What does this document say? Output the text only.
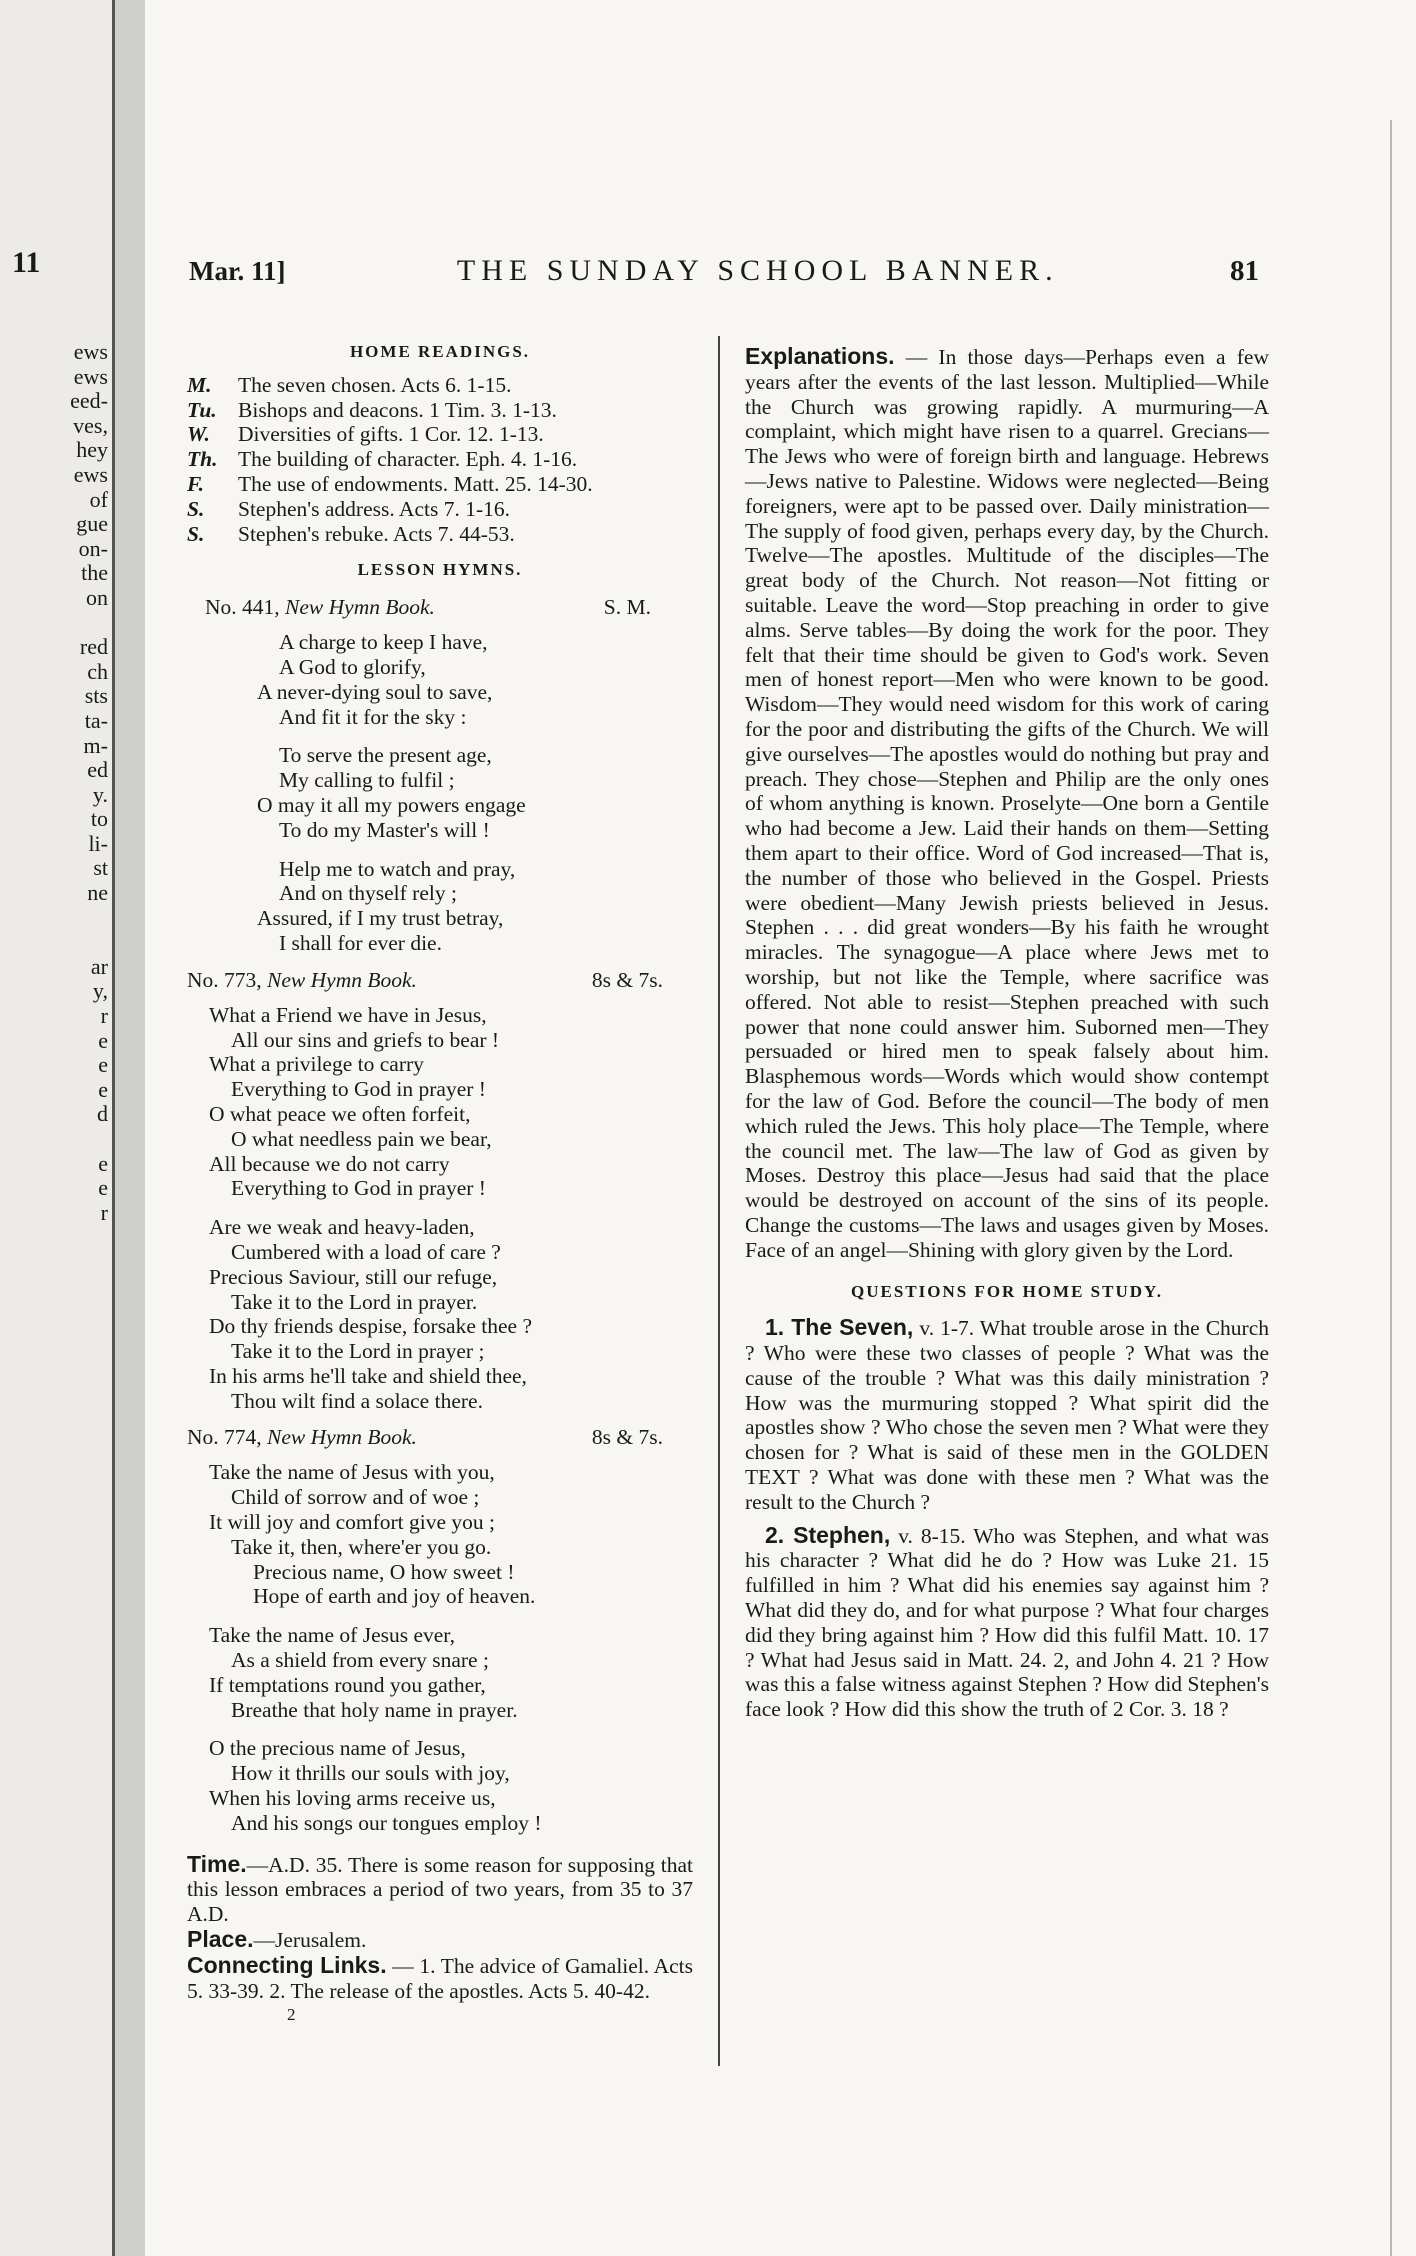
11
ews
ews
eed-
ves,
hey
ews
of
gue
on-
the
on
red
ch
sts
ta-
m-
ed
y.
to
li-
st
ne
ar
y,
r
e
e
e
d
e
e
r
Mar. 11]	THE SUNDAY SCHOOL BANNER.	81
HOME READINGS.
M.	The seven chosen. Acts 6. 1-15.
Tu. Bishops and deacons. 1 Tim. 3. 1-13.
W.	Diversities of gifts. 1 Cor. 12. 1-13.
Th. The building of character. Eph. 4. 1-16.
F.	The use of endowments. Matt. 25. 14-30.
S.	Stephen's address. Acts 7. 1-16.
S.	Stephen's rebuke. Acts 7. 44-53.
LESSON HYMNS.
No. 441, New Hymn Book.	S. M.
A charge to keep I have,
A God to glorify,
A never-dying soul to save,
And fit it for the sky :
To serve the present age,
My calling to fulfil ;
O may it all my powers engage
To do my Master's will !
Help me to watch and pray,
And on thyself rely ;
Assured, if I my trust betray,
I shall for ever die.
No. 773, New Hymn Book.	8s & 7s.
What a Friend we have in Jesus,
All our sins and griefs to bear !
What a privilege to carry
Everything to God in prayer !
O what peace we often forfeit,
O what needless pain we bear,
All because we do not carry
Everything to God in prayer !
Are we weak and heavy-laden,
Cumbered with a load of care ?
Precious Saviour, still our refuge,
Take it to the Lord in prayer.
Do thy friends despise, forsake thee ?
Take it to the Lord in prayer ;
In his arms he'll take and shield thee,
Thou wilt find a solace there.
No. 774, New Hymn Book.	8s & 7s.
Take the name of Jesus with you,
Child of sorrow and of woe ;
It will joy and comfort give you ;
Take it, then, where'er you go.
Precious name, O how sweet !
Hope of earth and joy of heaven.
Take the name of Jesus ever,
As a shield from every snare ;
If temptations round you gather,
Breathe that holy name in prayer.
O the precious name of Jesus,
How it thrills our souls with joy,
When his loving arms receive us,
And his songs our tongues employ !
Time.—A.D. 35. There is some reason for supposing that this lesson embraces a period of two years, from 35 to 37 A.D.
Place.—Jerusalem.
Connecting Links. — 1. The advice of Gamaliel. Acts 5. 33-39. 2. The release of the apostles. Acts 5. 40-42.
2
Explanations. — In those days—Perhaps even a few years after the events of the last lesson. Multiplied—While the Church was growing rapidly. A murmuring—A complaint, which might have risen to a quarrel. Grecians—The Jews who were of foreign birth and language. Hebrews—Jews native to Palestine. Widows were neglected—Being foreigners, were apt to be passed over. Daily ministration—The supply of food given, perhaps every day, by the Church. Twelve—The apostles. Multitude of the disciples—The great body of the Church. Not reason—Not fitting or suitable. Leave the word—Stop preaching in order to give alms. Serve tables—By doing the work for the poor. They felt that their time should be given to God's work. Seven men of honest report—Men who were known to be good. Wisdom—They would need wisdom for this work of caring for the poor and distributing the gifts of the Church. We will give ourselves—The apostles would do nothing but pray and preach. They chose—Stephen and Philip are the only ones of whom anything is known. Proselyte—One born a Gentile who had become a Jew. Laid their hands on them—Setting them apart to their office. Word of God increased—That is, the number of those who believed in the Gospel. Priests were obedient—Many Jewish priests believed in Jesus. Stephen . . . did great wonders—By his faith he wrought miracles. The synagogue—A place where Jews met to worship, but not like the Temple, where sacrifice was offered. Not able to resist—Stephen preached with such power that none could answer him. Suborned men—They persuaded or hired men to speak falsely about him. Blasphemous words—Words which would show contempt for the law of God. Before the council—The body of men which ruled the Jews. This holy place—The Temple, where the council met. The law—The law of God as given by Moses. Destroy this place—Jesus had said that the place would be destroyed on account of the sins of its people. Change the customs—The laws and usages given by Moses. Face of an angel—Shining with glory given by the Lord.
QUESTIONS FOR HOME STUDY.
1. The Seven, v. 1-7. What trouble arose in the Church ? Who were these two classes of people ? What was the cause of the trouble ? What was this daily ministration ? How was the murmuring stopped ? What spirit did the apostles show ? Who chose the seven men ? What were they chosen for ? What is said of these men in the GOLDEN TEXT ? What was done with these men ? What was the result to the Church ?
2. Stephen, v. 8-15. Who was Stephen, and what was his character ? What did he do ? How was Luke 21. 15 fulfilled in him ? What did his enemies say against him ? What did they do, and for what purpose ? What four charges did they bring against him ? How did this fulfil Matt. 10. 17 ? What had Jesus said in Matt. 24. 2, and John 4. 21 ? How was this a false witness against Stephen ? How did Stephen's face look ? How did this show the truth of 2 Cor. 3. 18 ?
